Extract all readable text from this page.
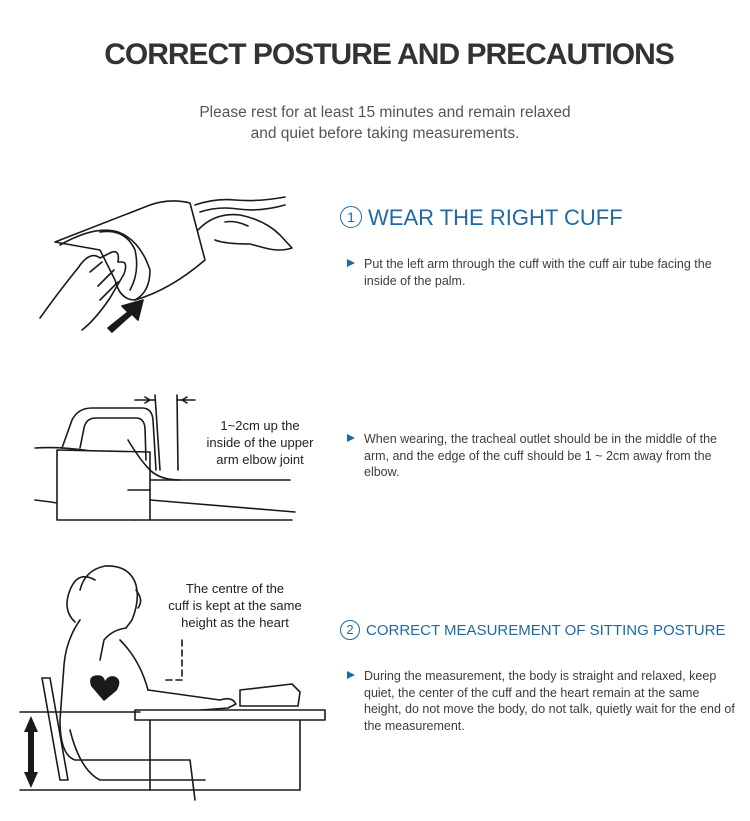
CORRECT POSTURE AND PRECAUTIONS
Please rest for at least 15 minutes and remain relaxed
and quiet before taking measurements.
1~2cm up the
inside of the upper
arm elbow joint
The centre of the
cuff is kept at the same
height as the heart
1 WEAR THE RIGHT CUFF
Put the left arm through the cuff with the cuff air tube facing the inside of the palm.
When wearing, the tracheal outlet should be in the middle of the arm, and the edge of the cuff should be 1 ~ 2cm away from the elbow.
2 CORRECT MEASUREMENT OF SITTING POSTURE
During the measurement, the body is straight and relaxed, keep quiet, the center of the cuff and the heart remain at the same height, do not move the body, do not talk, quietly wait for the end of the measurement.
